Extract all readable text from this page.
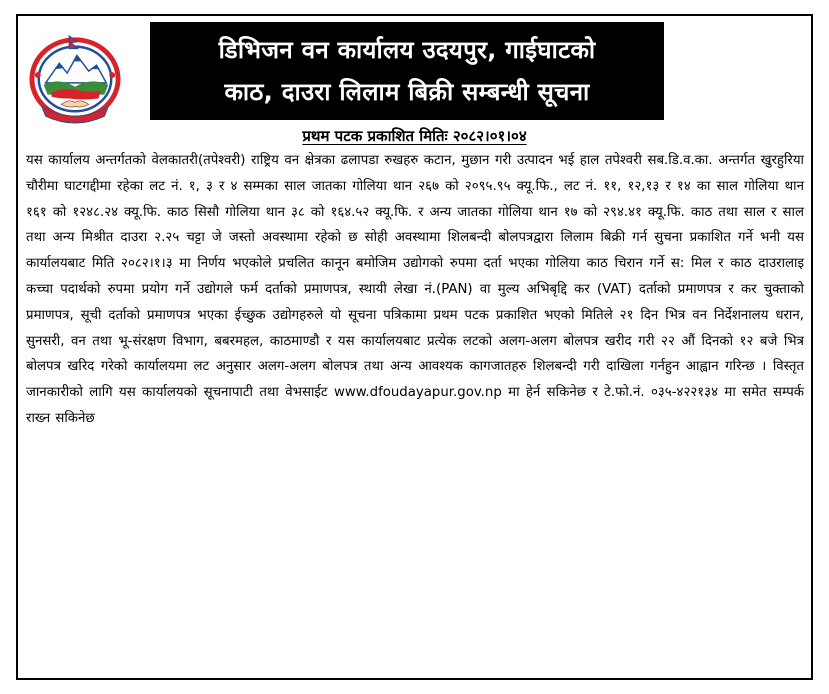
डिभिजन वन कार्यालय उदयपुर, गाईघाटको
काठ, दाउरा लिलाम बिक्री सम्बन्धी सूचना
प्रथम पटक प्रकाशित मितिः २०८२।०१।०४

यस कार्यालय अन्तर्गतको वेलकातरी(तपेश्वरी) राष्ट्रिय वन क्षेत्रका ढलापडा रुखहरु कटान, मुछान गरी उत्पादन भई हाल तपेश्वरी सब.डि.व.का. अन्तर्गत खुरहुरिया चौरीमा घाटगद्दीमा रहेका लट नं. १, ३ र ४ सम्मका साल जातका गोलिया थान २६७ को २०९५.९५ क्यू.फि., लट नं. ११, १२,१३ र १४ का साल गोलिया थान १६१ को १२४८.२४ क्यू.फि. काठ सिसौ गोलिया थान ३८ को १६४.५२ क्यू.फि. र अन्य जातका गोलिया थान १७ को २९४.४१ क्यू.फि. काठ तथा साल र साल तथा अन्य मिश्रीत दाउरा २.२५ चट्टा जे जस्तो अवस्थामा रहेको छ सोही अवस्थामा शिलबन्दी बोलपत्रद्वारा लिलाम बिक्री गर्न सुचना प्रकाशित गर्ने भनी यस कार्यालयबाट मिति २०८२।१।३ मा निर्णय भएकोले प्रचलित कानून बमोजिम उद्योगको रुपमा दर्ता भएका गोलिया काठ चिरान गर्ने स: मिल र काठ दाउरालाइ कच्चा पदार्थको रुपमा प्रयोग गर्ने उद्योगले फर्म दर्ताको प्रमाणपत्र, स्थायी लेखा नं.(PAN) वा मुल्य अभिबृद्दि कर (VAT) दर्ताको प्रमाणपत्र र कर चुक्ताको प्रमाणपत्र, सूची दर्ताको प्रमाणपत्र भएका ईच्छुक उद्योगहरुले यो सूचना पत्रिकामा प्रथम पटक प्रकाशित भएको मितिले २१ दिन भित्र वन निर्देशनालय धरान, सुनसरी, वन तथा भू-संरक्षण विभाग, बबरमहल, काठमाण्डौ र यस कार्यालयबाट प्रत्येक लटको अलग-अलग बोलपत्र खरीद गरी २२ औं दिनको १२ बजे भित्र बोलपत्र खरिद गरेको कार्यालयमा लट अनुसार अलग-अलग बोलपत्र तथा अन्य आवश्यक कागजातहरु शिलबन्दी गरी दाखिला गर्नहुन आह्वान गरिन्छ । विस्तृत जानकारीको लागि यस कार्यालयको सूचनापाटी तथा वेभसाईट www.dfoudayapur.gov.np मा हेर्न सकिनेछ र टे.फो.नं. ०३५-४२२१३४ मा समेत सम्पर्क राख्न सकिनेछ
